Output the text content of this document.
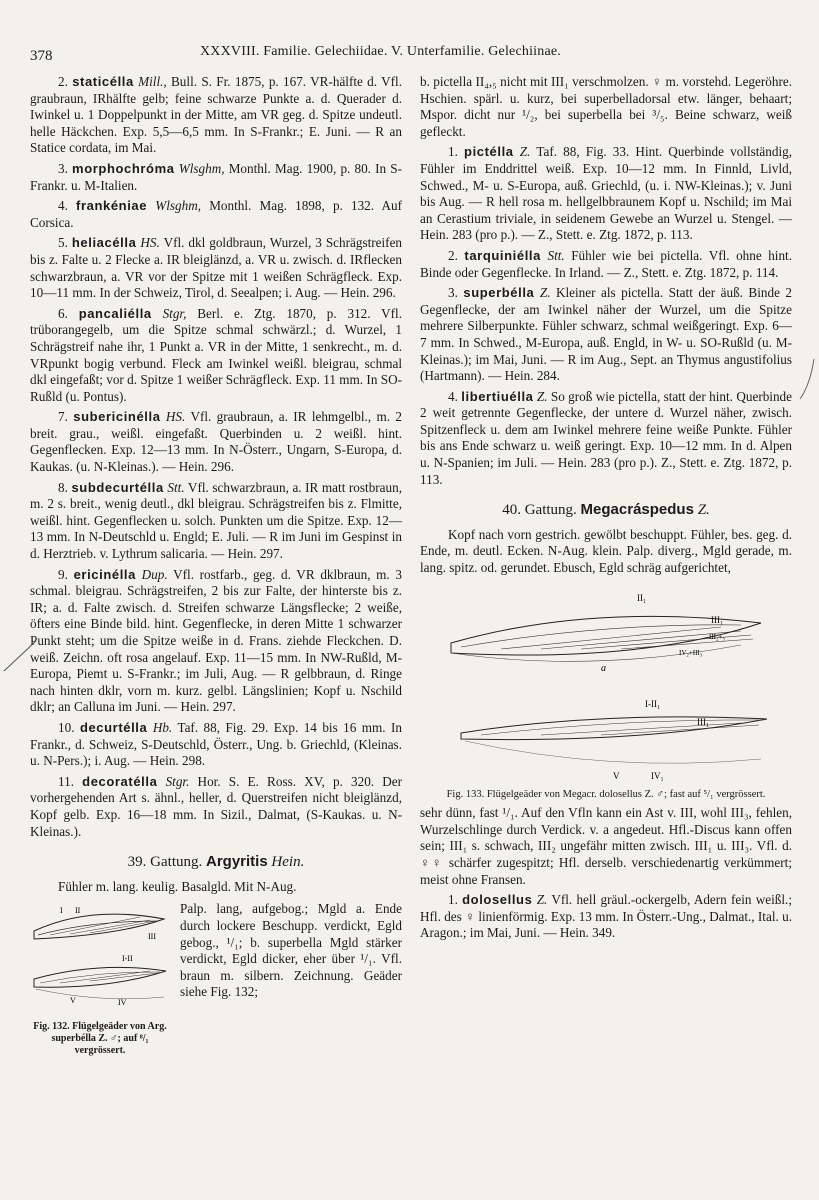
378	XXXVIII. Familie. Gelechiidae. V. Unterfamilie. Gelechiinae.
2. staticélla Mill., Bull. S. Fr. 1875, p. 167. VR-hälfte d. Vfl. graubraun, IRhälfte gelb; feine schwarze Punkte a. d. Querader d. Iwinkel u. 1 Doppelpunkt in der Mitte, am VR geg. d. Spitze undeutl. helle Häckchen. Exp. 5,5—6,5 mm. In S-Frankr.; E. Juni. — R an Statice cordata, im Mai.
3. morphochróma Wlsghm, Monthl. Mag. 1900, p. 80. In S-Frankr. u. M-Italien.
4. frankéniae Wlsghm, Monthl. Mag. 1898, p. 132. Auf Corsica.
5. heliacélla HS. Vfl. dkl goldbraun, Wurzel, 3 Schrägstreifen bis z. Falte u. 2 Flecke a. IR bleiglänzd, a. VR u. zwisch. d. IRflecken schwarzbraun, a. VR vor der Spitze mit 1 weißen Schrägfleck. Exp. 10—11 mm. In der Schweiz, Tirol, d. Seealpen; i. Aug. — Hein. 296.
6. pancaliélla Stgr, Berl. e. Ztg. 1870, p. 312. Vfl. trüborangegelb, um die Spitze schmal schwärzl.; d. Wurzel, 1 Schrägstreif nahe ihr, 1 Punkt a. VR in der Mitte, 1 senkrecht., m. d. VRpunkt bogig verbund. Fleck am Iwinkel weißl. bleigrau, schmal dkl eingefaßt; vor d. Spitze 1 weißer Schrägfleck. Exp. 11 mm. In SO-Rußld (u. Pontus).
7. subericinélla HS. Vfl. graubraun, a. IR lehmgelbl., m. 2 breit. grau., weißl. eingefaßt. Querbinden u. 2 weißl. hint. Gegenflecken. Exp. 12—13 mm. In N-Österr., Ungarn, S-Europa, d. Kaukas. (u. N-Kleinas.). — Hein. 296.
8. subdecurtélla Stt. Vfl. schwarzbraun, a. IR matt rostbraun, m. 2 s. breit., wenig deutl., dkl bleigrau. Schrägstreifen bis z. Flmitte, weißl. hint. Gegenflecken u. solch. Punkten um die Spitze. Exp. 12—13 mm. In N-Deutschld u. Engld; E. Juli. — R im Juni im Gespinst in d. Herztrieb. v. Lythrum salicaria. — Hein. 297.
9. ericinélla Dup. Vfl. rostfarb., geg. d. VR dklbraun, m. 3 schmal. bleigrau. Schrägstreifen, 2 bis zur Falte, der hinterste bis z. IR; a. d. Falte zwisch. d. Streifen schwarze Längsflecke; 2 weiße, öfters eine Binde bild. hint. Gegenflecke, in deren Mitte 1 schwarzer Punkt steht; um die Spitze weiße in d. Frans. ziehde Fleckchen. D. weiß. Zeichn. oft rosa angelauf. Exp. 11—15 mm. In NW-Rußld, M-Europa, Piemt u. S-Frankr.; im Juli, Aug. — R gelbbraun, d. Ringe nach hinten dklr, vorn m. kurz. gelbl. Längslinien; Kopf u. Nschild dklr; an Calluna im Juni. — Hein. 297.
10. decurtélla Hb. Taf. 88, Fig. 29. Exp. 14 bis 16 mm. In Frankr., d. Schweiz, S-Deutschld, Österr., Ung. b. Griechld, (Kleinas. u. N-Pers.); i. Aug. — Hein. 298.
11. decoratélla Stgr. Hor. S. E. Ross. XV, p. 320. Der vorhergehenden Art s. ähnl., heller, d. Querstreifen nicht bleiglänzd, Kopf gelb. Exp. 16—18 mm. In Sizil., Dalmat, (S-Kaukas. u. N-Kleinas.).
39. Gattung. Argyritis Hein.
Fühler m. lang. keulig. Basalgld. Mit N-Aug.
I II
III
I-II
V	IV
Fig. 132. Flügelgeäder von Arg. superbélla Z. ♂; auf ⁸/₁ vergrössert.
Palp. lang, aufgebog.; Mgld a. Ende durch lockere Beschupp. verdickt, Egld gebog., ¹/₁; b. superbella Mgld stärker verdickt, Egld dicker, eher über ¹/₁. Vfl. braun m. silbern. Zeichnung. Geäder siehe Fig. 132;
b. pictella II₄,₅ nicht mit III₁ verschmolzen. ♀ m. vorstehd. Legeröhre. Hschien. spärl. u. kurz, bei superbelladorsal etw. länger, behaart; Mspor. dicht nur ¹/₂, bei superbella bei ³/₅. Beine schwarz, weiß gefleckt.
1. pictélla Z. Taf. 88, Fig. 33. Hint. Querbinde vollständig, Fühler im Enddrittel weiß. Exp. 10—12 mm. In Finnld, Livld, Schwed., M- u. S-Europa, auß. Griechld, (u. i. NW-Kleinas.); v. Juni bis Aug. — R hell rosa m. hellgelbbraunem Kopf u. Nschild; im Mai an Cerastium triviale, in seidenem Gewebe an Wurzel u. Stengel. — Hein. 283 (pro p.). — Z., Stett. e. Ztg. 1872, p. 113.
2. tarquiniélla Stt. Fühler wie bei pictella. Vfl. ohne hint. Binde oder Gegenflecke. In Irland. — Z., Stett. e. Ztg. 1872, p. 114.
3. superbélla Z. Kleiner als pictella. Statt der äuß. Binde 2 Gegenflecke, der am Iwinkel näher der Wurzel, um die Spitze mehrere Silberpunkte. Fühler schwarz, schmal weißgeringt. Exp. 6—7 mm. In Schwed., M-Europa, auß. Engld, in W- u. SO-Rußld (u. M-Kleinas.); im Mai, Juni. — R im Aug., Sept. an Thymus angustifolius (Hartmann). — Hein. 284.
4. libertiuélla Z. So groß wie pictella, statt der hint. Querbinde 2 weit getrennte Gegenflecke, der untere d. Wurzel näher, zwisch. Spitzenfleck u. dem am Iwinkel mehrere feine weiße Punkte. Fühler bis ans Ende schwarz u. weiß geringt. Exp. 10—12 mm. In d. Alpen u. N-Spanien; im Juli. — Hein. 283 (pro p.). Z., Stett. e. Ztg. 1872, p. 113.
40. Gattung. Megacráspedus Z.
Kopf nach vorn gestrich. gewölbt beschuppt. Fühler, bes. geg. d. Ende, m. deutl. Ecken. N-Aug. klein. Palp. diverg., Mgld gerade, m. lang. spitz. od. gerundet. Ebusch, Egld schräg aufgerichtet,
II₁
III₁
III₂+₃
IV₂+III₃
a
I-II₁
III₁
V	IV₁
Fig. 133. Flügelgeäder von Megacr. dolosellus Z. ♂; fast auf ⁵/₁ vergrössert.
sehr dünn, fast ¹/₁. Auf den Vfln kann ein Ast v. III, wohl III₃, fehlen, Wurzelschlinge durch Verdick. v. a angedeut. Hfl.-Discus kann offen sein; III₁ s. schwach, III₂ ungefähr mitten zwisch. III₁ u. III₃. Vfl. d. ♀♀ schärfer zugespitzt; Hfl. derselb. verschiedenartig verkümmert; meist ohne Fransen.
1. dolosellus Z. Vfl. hell gräul.-ockergelb, Adern fein weißl.; Hfl. des ♀ linienförmig. Exp. 13 mm. In Österr.-Ung., Dalmat., Ital. u. Aragon.; im Mai, Juni. — Hein. 349.
